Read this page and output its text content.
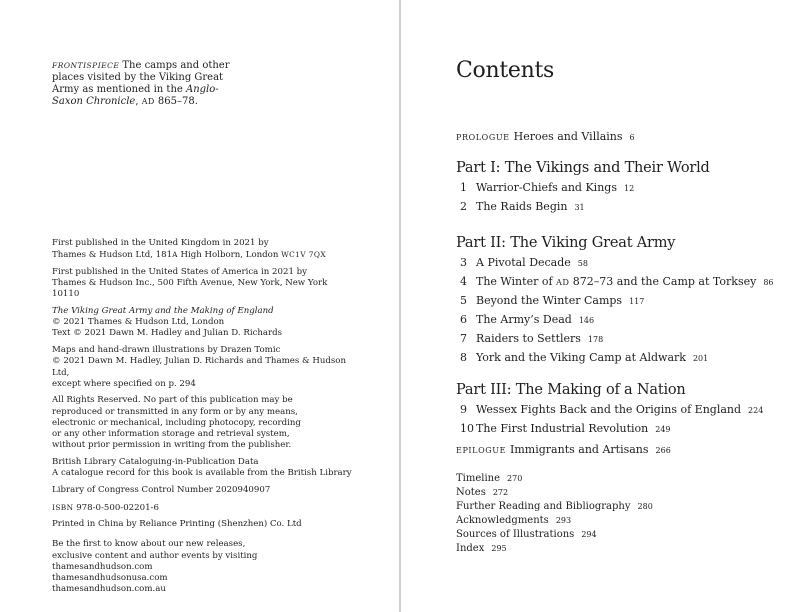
FRONTISPIECE The camps and other places visited by the Viking Great Army as mentioned in the Anglo-Saxon Chronicle, AD 865–78.

First published in the United Kingdom in 2021 by
Thames & Hudson Ltd, 181A High Holborn, London WC1V 7QX

First published in the United States of America in 2021 by
Thames & Hudson Inc., 500 Fifth Avenue, New York, New York 10110

The Viking Great Army and the Making of England
© 2021 Thames & Hudson Ltd, London
Text © 2021 Dawn M. Hadley and Julian D. Richards

Maps and hand-drawn illustrations by Drazen Tomic
© 2021 Dawn M. Hadley, Julian D. Richards and Thames & Hudson Ltd,
except where specified on p. 294

All Rights Reserved. No part of this publication may be
reproduced or transmitted in any form or by any means,
electronic or mechanical, including photocopy, recording
or any other information storage and retrieval system,
without prior permission in writing from the publisher.

British Library Cataloguing-in-Publication Data
A catalogue record for this book is available from the British Library

Library of Congress Control Number 2020940907

ISBN 978-0-500-02201-6

Printed in China by Reliance Printing (Shenzhen) Co. Ltd

Be the first to know about our new releases,
exclusive content and author events by visiting
thamesandhudson.com
thamesandhudsonusa.com
thamesandhudson.com.au

Contents
PROLOGUE Heroes and Villains 6
Part I: The Vikings and Their World
1 Warrior-Chiefs and Kings 12
2 The Raids Begin 31
Part II: The Viking Great Army
3 A Pivotal Decade 58
4 The Winter of AD 872–73 and the Camp at Torksey 86
5 Beyond the Winter Camps 117
6 The Army’s Dead 146
7 Raiders to Settlers 178
8 York and the Viking Camp at Aldwark 201
Part III: The Making of a Nation
9 Wessex Fights Back and the Origins of England 224
10 The First Industrial Revolution 249
EPILOGUE Immigrants and Artisans 266
Timeline 270
Notes 272
Further Reading and Bibliography 280
Acknowledgments 293
Sources of Illustrations 294
Index 295
